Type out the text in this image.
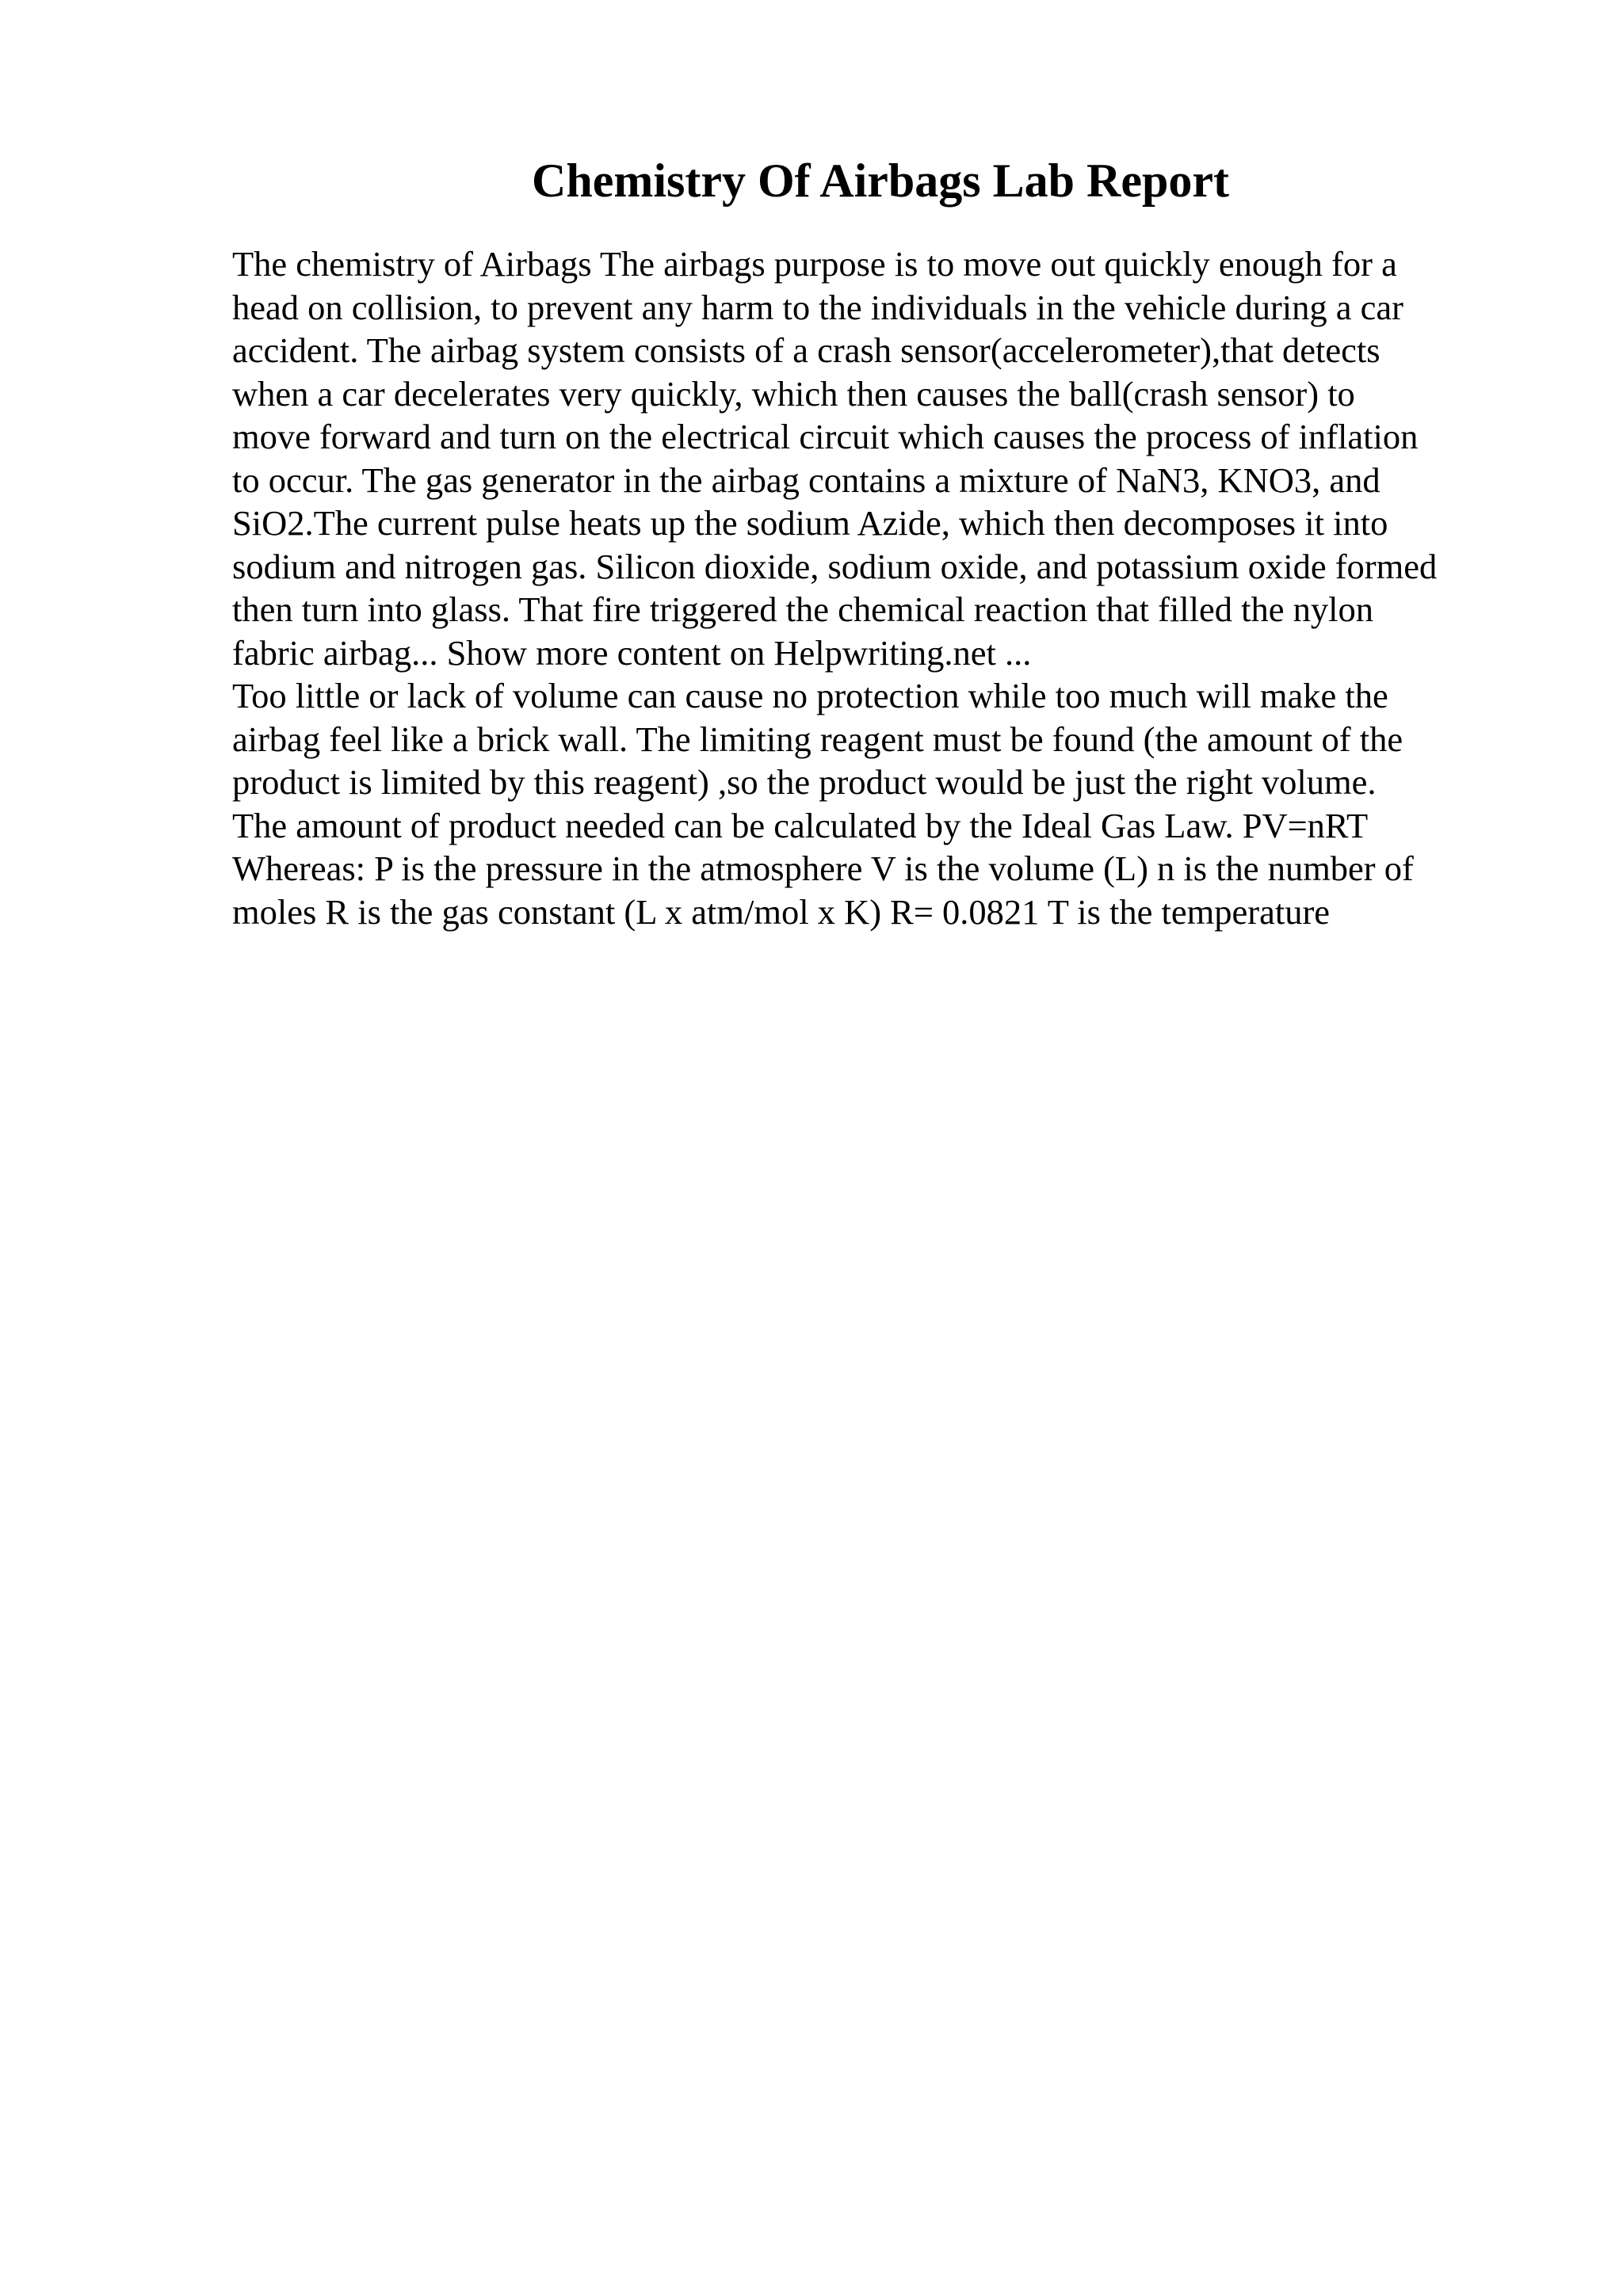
Chemistry Of Airbags Lab Report
The chemistry of Airbags The airbags purpose is to move out quickly enough for a
head on collision, to prevent any harm to the individuals in the vehicle during a car
accident. The airbag system consists of a crash sensor(accelerometer),that detects
when a car decelerates very quickly, which then causes the ball(crash sensor) to
move forward and turn on the electrical circuit which causes the process of inflation
to occur. The gas generator in the airbag contains a mixture of NaN3, KNO3, and
SiO2.The current pulse heats up the sodium Azide, which then decomposes it into
sodium and nitrogen gas. Silicon dioxide, sodium oxide, and potassium oxide formed
then turn into glass. That fire triggered the chemical reaction that filled the nylon
fabric airbag... Show more content on Helpwriting.net ...
Too little or lack of volume can cause no protection while too much will make the
airbag feel like a brick wall. The limiting reagent must be found (the amount of the
product is limited by this reagent) ,so the product would be just the right volume.
The amount of product needed can be calculated by the Ideal Gas Law. PV=nRT
Whereas: P is the pressure in the atmosphere V is the volume (L) n is the number of
moles R is the gas constant (L x atm/mol x K) R= 0.0821 T is the temperature
